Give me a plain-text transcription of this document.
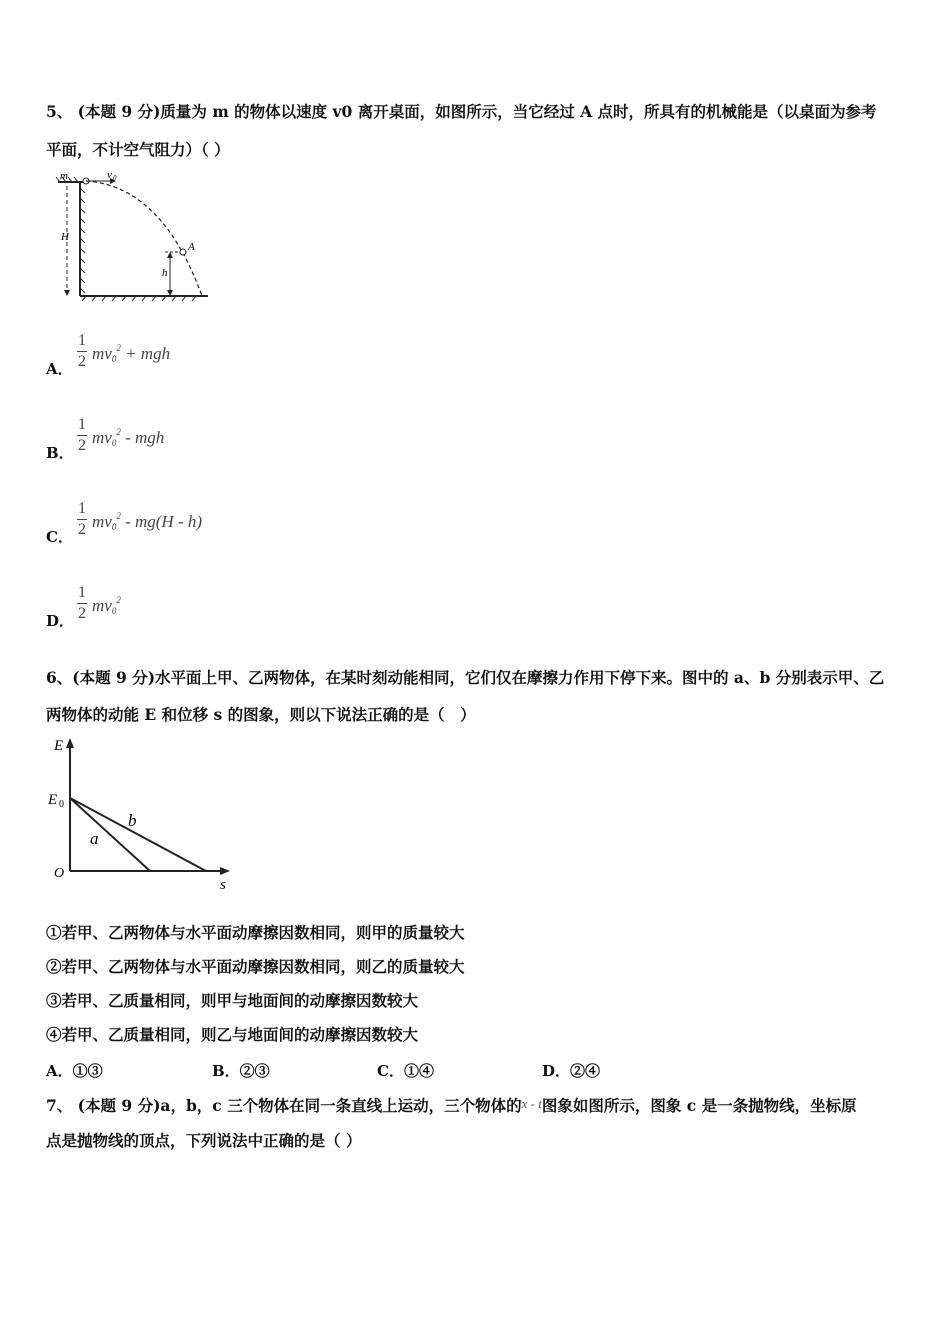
5、 (本题 9 分)质量为 m 的物体以速度 v0 离开桌面，如图所示，当它经过 A 点时，所具有的机械能是（以桌面为参考
平面，不计空气阻力）（ ）
m	v 0
H
A
h
A．
1
2 $mv_0^2$ + mgh
B．
1
2 $mv_0^2$ - mgh
C．
1
2 $mv_0^2 - mg(H - h)$
D．
1
2 $mv_0^2$
6、(本题 9 分)水平面上甲、乙两物体，在某时刻动能相同，它们仅在摩擦力作用下停下来。图中的 a、b 分别表示甲、乙
两物体的动能 E 和位移 s 的图象，则以下说法正确的是（　）
E
E 0
O
s
a
b
①若甲、乙两物体与水平面动摩擦因数相同，则甲的质量较大
②若甲、乙两物体与水平面动摩擦因数相同，则乙的质量较大
③若甲、乙质量相同，则甲与地面间的动摩擦因数较大
④若甲、乙质量相同，则乙与地面间的动摩擦因数较大
A．①③	B．②③	C．①④	D．②④
7、 (本题 9 分)a，b，c 三个物体在同一条直线上运动，三个物体的x - t图象如图所示，图象 c 是一条抛物线，坐标原
点是抛物线的顶点，下列说法中正确的是（ ）
